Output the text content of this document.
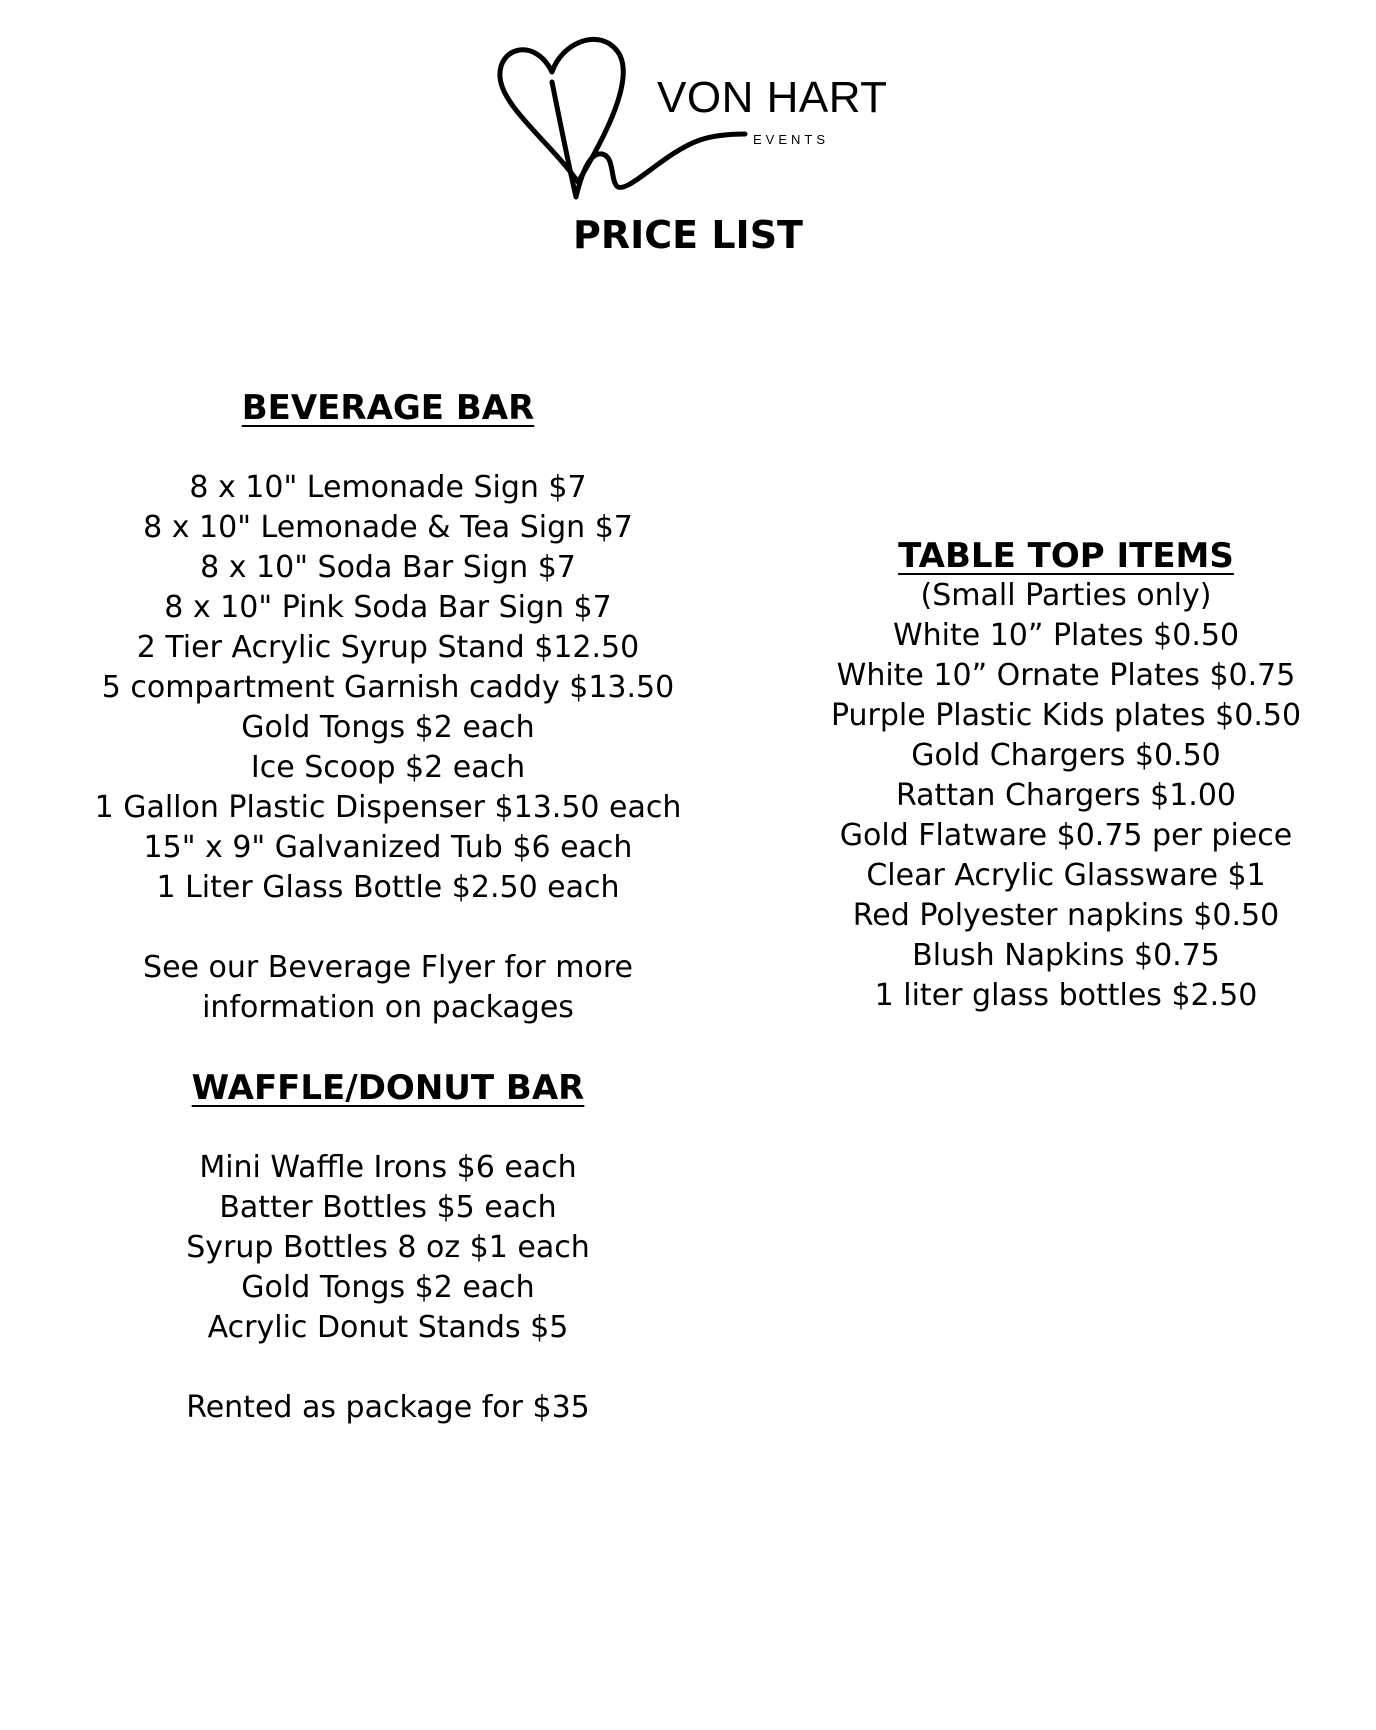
VON HART
EVENTS
PRICE LIST
BEVERAGE BAR
8 x 10" Lemonade Sign $7
8 x 10" Lemonade & Tea Sign $7
8 x 10" Soda Bar Sign $7
8 x 10" Pink Soda Bar Sign $7
2 Tier Acrylic Syrup Stand $12.50
5 compartment Garnish caddy $13.50
Gold Tongs $2 each
Ice Scoop $2 each
1 Gallon Plastic Dispenser $13.50 each
15" x 9" Galvanized Tub $6 each
1 Liter Glass Bottle $2.50 each
See our Beverage Flyer for more
information on packages
WAFFLE/DONUT BAR
Mini Waffle Irons $6 each
Batter Bottles $5 each
Syrup Bottles 8 oz $1 each
Gold Tongs $2 each
Acrylic Donut Stands $5
Rented as package for $35
TABLE TOP ITEMS
(Small Parties only)
White 10” Plates $0.50
White 10” Ornate Plates $0.75
Purple Plastic Kids plates $0.50
Gold Chargers $0.50
Rattan Chargers $1.00
Gold Flatware $0.75 per piece
Clear Acrylic Glassware $1
Red Polyester napkins $0.50
Blush Napkins $0.75
1 liter glass bottles $2.50
